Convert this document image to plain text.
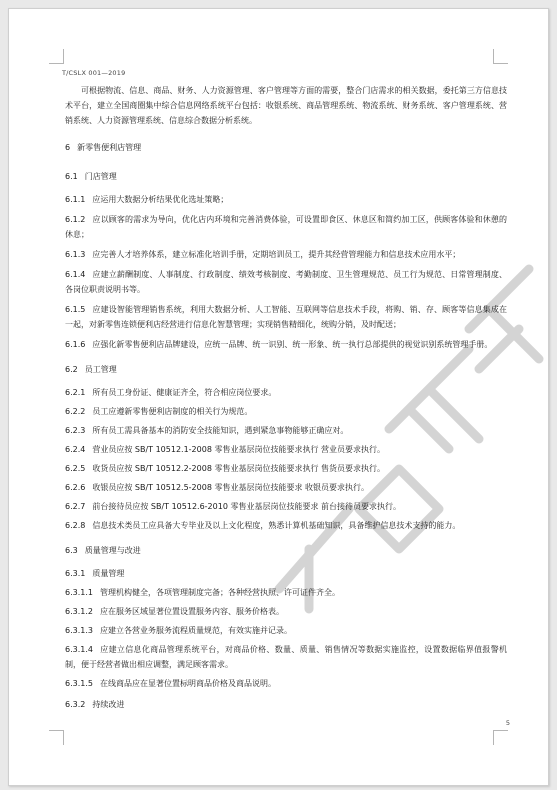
T/CSLX 001—2019

可根据物流、信息、商品、财务、人力资源管理、客户管理等方面的需要，整合门店需求的相关数据，委托第三方信息技术平台，建立全国商圈集中综合信息网络系统平台包括：收银系统、商品管理系统、物流系统、财务系统、客户管理系统、营销系统、人力资源管理系统、信息综合数据分析系统。

6 新零售便利店管理
6.1 门店管理

6.1.1 应运用大数据分析结果优化选址策略；

6.1.2 应以顾客的需求为导向，优化店内环境和完善消费体验，可设置即食区、休息区和简约加工区，供顾客体验和休憩的休息；

6.1.3 应完善人才培养体系，建立标准化培训手册，定期培训员工，提升其经营管理能力和信息技术应用水平；

6.1.4 应建立薪酬制度、人事制度、行政制度、绩效考核制度、考勤制度、卫生管理规范、员工行为规范、日常管理制度、各岗位职责说明书等。

6.1.5 应建设智能管理销售系统，利用大数据分析、人工智能、互联网等信息技术手段，将购、销、存、顾客等信息集成在一起，对新零售连锁便利店经营进行信息化智慧管理；实现销售精细化，统购分销，及时配送；

6.1.6 应强化新零售便利店品牌建设，应统一品牌、统一识别、统一形象、统一执行总部提供的视觉识别系统管理手册。

6.2 员工管理

6.2.1 所有员工身份证、健康证齐全，符合相应岗位要求。

6.2.2 员工应遵新零售便利店制度的相关行为规范。

6.2.3 所有员工需具备基本的消防安全技能知识，遇到紧急事物能够正确应对。

6.2.4 营业员应按 SB/T 10512.1-2008 零售业基层岗位技能要求执行 营业员要求执行。

6.2.5 收货员应按 SB/T 10512.2-2008 零售业基层岗位技能要求执行 售货员要求执行。

6.2.6 收银员应按 SB/T 10512.5-2008 零售业基层岗位技能要求 收银员要求执行。

6.2.7 前台接待员应按 SB/T 10512.6-2010 零售业基层岗位技能要求 前台接待员要求执行。

6.2.8 信息技术类员工应具备大专毕业及以上文化程度，熟悉计算机基础知识，具备维护信息技术支持的能力。

6.3 质量管理与改进
6.3.1 质量管理

6.3.1.1 管理机构健全，各项管理制度完备；各种经营执照、许可证件齐全。

6.3.1.2 应在服务区域显著位置设置服务内容、服务价格表。

6.3.1.3 应建立各营业务服务流程质量规范，有效实施并记录。

6.3.1.4 应建立信息化商品管理系统平台，对商品价格、数量、质量、销售情况等数据实施监控，设置数据临界值报警机制，便于经营者做出相应调整，满足顾客需求。

6.3.1.5 在线商品应在显著位置标明商品价格及商品说明。

6.3.2 持续改进
5
